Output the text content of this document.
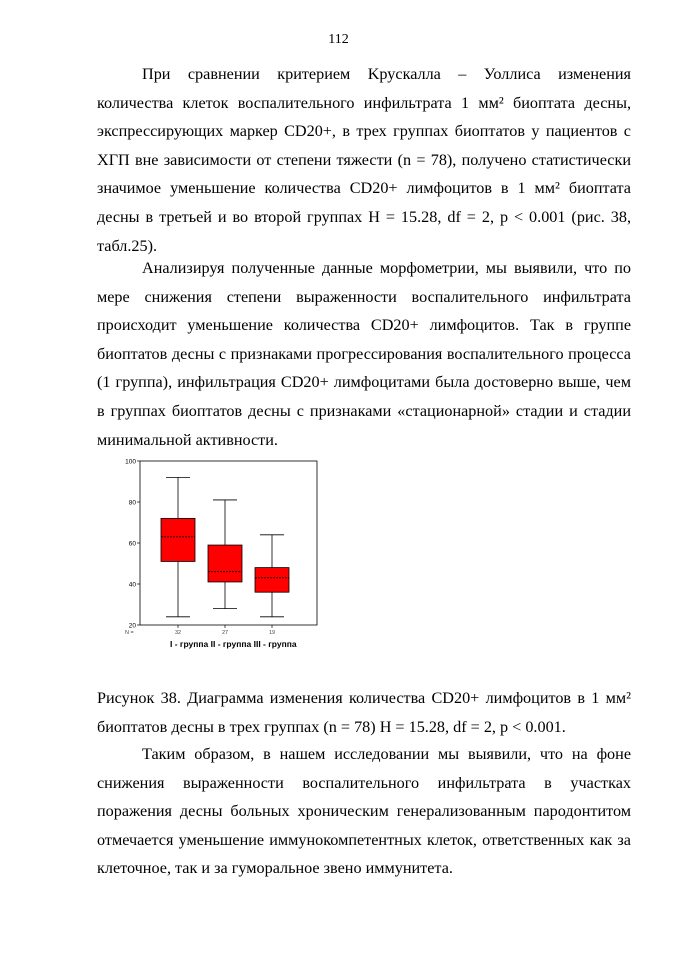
112

При сравнении критерием Kрускалла – Уоллиса изменения количества клеток воспалительного инфильтрата 1 мм² биоптата десны, экспрессирующих маркер CD20+, в трех группах биоптатов у пациентов с ХГП вне зависимости от степени тяжести (n = 78), получено статистически значимое уменьшение количества CD20+ лимфоцитов в 1 мм² биоптата десны в третьей и во второй группах H = 15.28, df = 2, p < 0.001 (рис. 38, табл.25).

Анализируя полученные данные морфометрии, мы выявили, что по мере снижения степени выраженности воспалительного инфильтрата происходит уменьшение количества CD20+ лимфоцитов. Так в группе биоптатов десны с признаками прогрессирования воспалительного процесса (1 группа), инфильтрация CD20+ лимфоцитами была достоверно выше, чем в группах биоптатов десны с признаками «стационарной» стадии и стадии минимальной активности.

20
40
60
80
100
32	27	19
N =
I - группа II - группа III - группа

Рисунок 38. Диаграмма изменения количества CD20+ лимфоцитов в 1 мм² биоптатов десны в трех группах (n = 78) H = 15.28, df = 2, p < 0.001.

Таким образом, в нашем исследовании мы выявили, что на фоне снижения выраженности воспалительного инфильтрата в участках поражения десны больных хроническим генерализованным пародонтитом отмечается уменьшение иммунокомпетентных клеток, ответственных как за клеточное, так и за гуморальное звено иммунитета.
